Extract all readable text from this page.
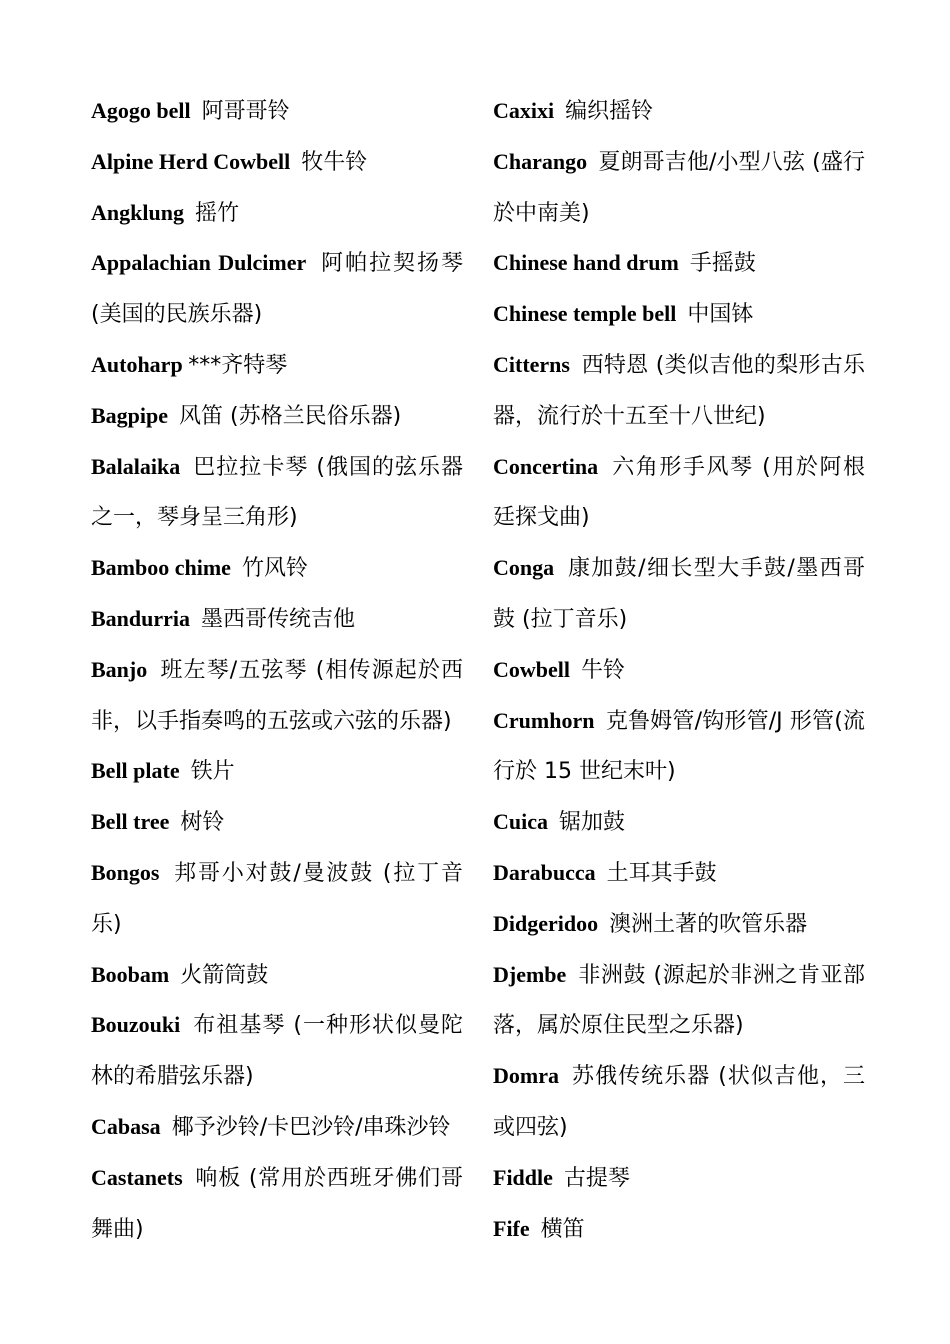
Agogo bell 阿哥哥铃

Alpine Herd Cowbell 牧牛铃

Angklung 摇竹

Appalachian Dulcimer 阿帕拉契扬琴(美国的民族乐器)

Autoharp ***齐特琴

Bagpipe 风笛 (苏格兰民俗乐器)

Balalaika 巴拉拉卡琴 (俄国的弦乐器之一，琴身呈三角形)

Bamboo chime 竹风铃

Bandurria 墨西哥传统吉他

Banjo 班左琴/五弦琴 (相传源起於西非，以手指奏鸣的五弦或六弦的乐器)

Bell plate 铁片

Bell tree 树铃

Bongos 邦哥小对鼓/曼波鼓 (拉丁音乐)

Boobam 火箭筒鼓

Bouzouki 布祖基琴 (一种形状似曼陀林的希腊弦乐器)

Cabasa 椰予沙铃/卡巴沙铃/串珠沙铃

Castanets 响板 (常用於西班牙佛们哥舞曲)

Caxixi 编织摇铃

Charango 夏朗哥吉他/小型八弦 (盛行於中南美)

Chinese hand drum 手摇鼓

Chinese temple bell 中国钵

Citterns 西特恩 (类似吉他的梨形古乐器，流行於十五至十八世纪)

Concertina 六角形手风琴 (用於阿根廷探戈曲)

Conga 康加鼓/细长型大手鼓/墨西哥鼓 (拉丁音乐)

Cowbell 牛铃

Crumhorn 克鲁姆管/钩形管/J 形管(流行於 15 世纪末叶)

Cuica 锯加鼓

Darabucca 土耳其手鼓

Didgeridoo 澳洲土著的吹管乐器

Djembe 非洲鼓 (源起於非洲之肯亚部落，属於原住民型之乐器)

Domra 苏俄传统乐器 (状似吉他，三或四弦)

Fiddle 古提琴

Fife 横笛
